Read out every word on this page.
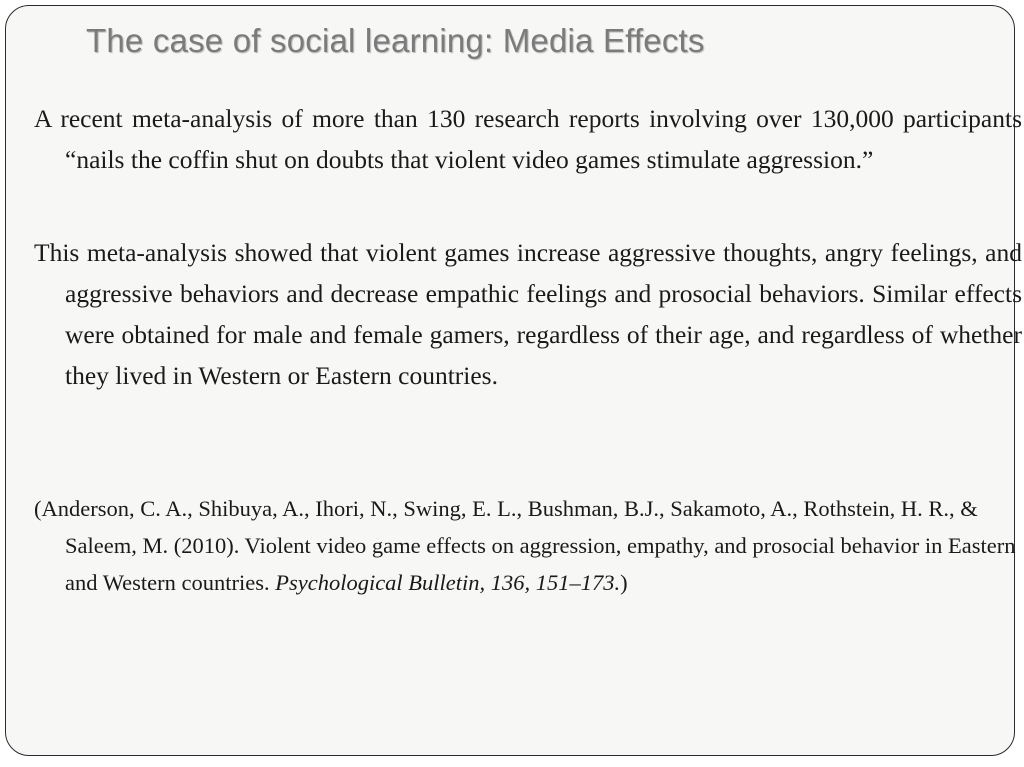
The case of social learning: Media Effects

A recent meta-analysis of more than 130 research reports involving over 130,000 participants “nails the coffin shut on doubts that violent video games stimulate aggression.”

This meta-analysis showed that violent games increase aggressive thoughts, angry feelings, and aggressive behaviors and decrease empathic feelings and prosocial behaviors. Similar effects were obtained for male and female gamers, regardless of their age, and regardless of whether they lived in Western or Eastern countries.

(Anderson, C. A., Shibuya, A., Ihori, N., Swing, E. L., Bushman, B.J., Sakamoto, A., Rothstein, H. R., & Saleem, M. (2010). Violent video game effects on aggression, empathy, and prosocial behavior in Eastern and Western countries. Psychological Bulletin, 136, 151–173.)
